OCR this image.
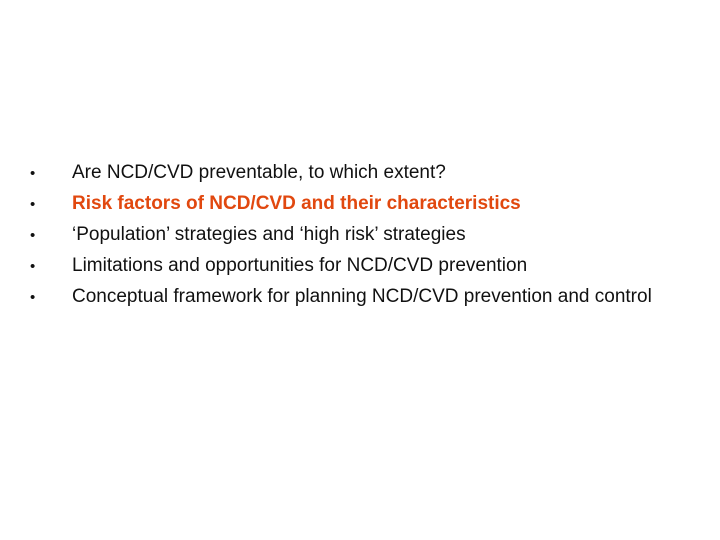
•	Are NCD/CVD preventable, to which extent?
•	Risk factors of NCD/CVD and their characteristics
•	‘Population’ strategies and ‘high risk’ strategies
•	Limitations and opportunities for NCD/CVD prevention
•	Conceptual framework for planning NCD/CVD prevention and control
